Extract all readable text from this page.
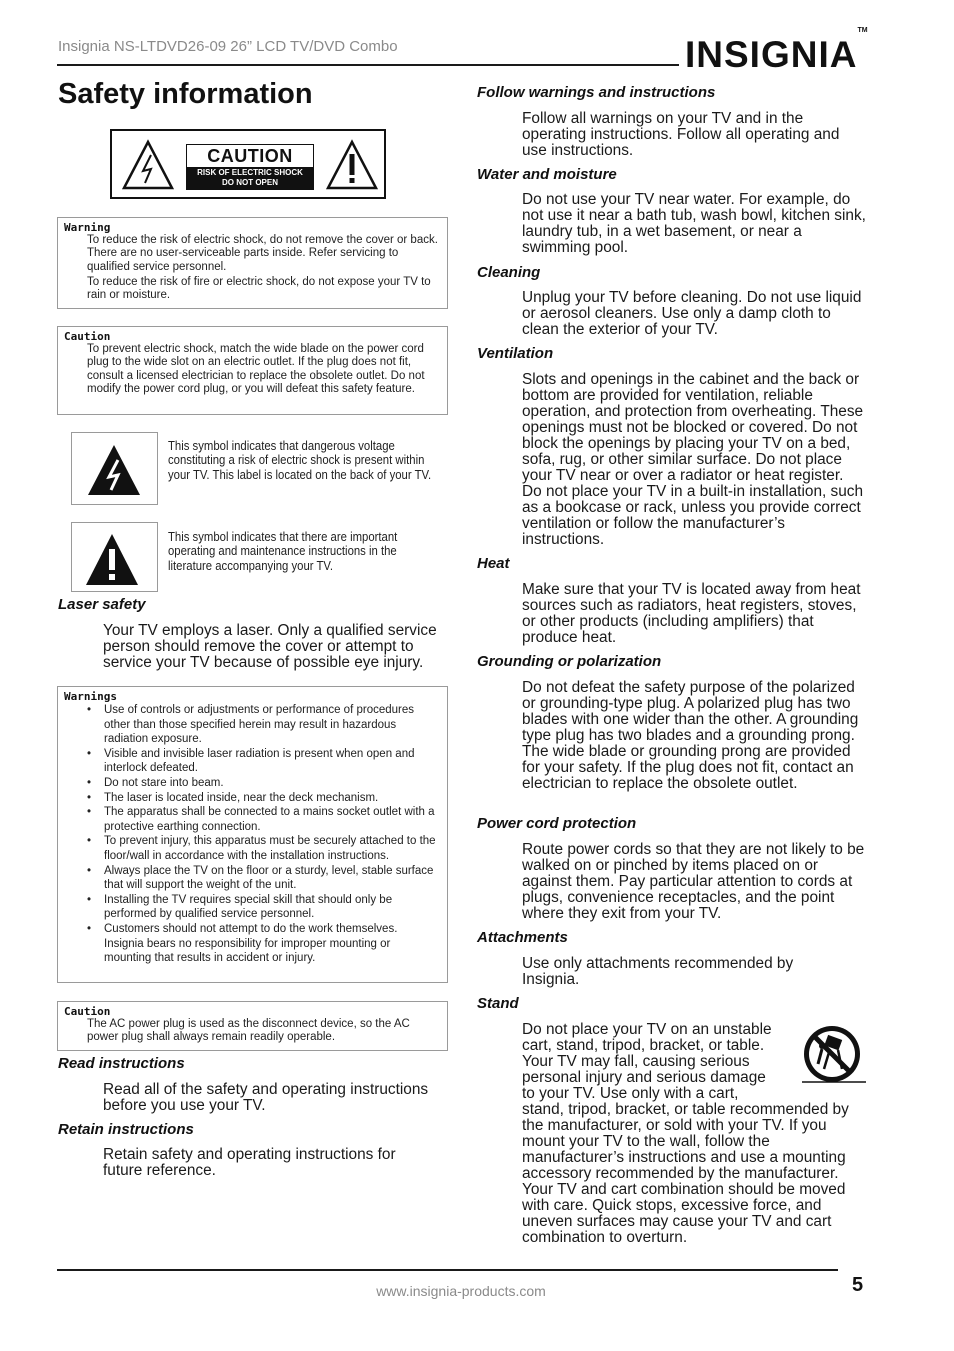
Insignia NS-LTDVD26-09 26” LCD TV/DVD Combo	INSIGNIA™
Safety information
CAUTION
RISK OF ELECTRIC SHOCK
DO NOT OPEN
Warning
To reduce the risk of electric shock, do not remove the cover or back. There are no user-serviceable parts inside. Refer servicing to qualified service personnel.
To reduce the risk of fire or electric shock, do not expose your TV to rain or moisture.
Caution
To prevent electric shock, match the wide blade on the power cord plug to the wide slot on an electric outlet. If the plug does not fit, consult a licensed electrician to replace the obsolete outlet. Do not modify the power cord plug, or you will defeat this safety feature.
This symbol indicates that dangerous voltage constituting a risk of electric shock is present within your TV. This label is located on the back of your TV.
This symbol indicates that there are important operating and maintenance instructions in the literature accompanying your TV.
Laser safety
Your TV employs a laser. Only a qualified service person should remove the cover or attempt to service your TV because of possible eye injury.
Warnings
• Use of controls or adjustments or performance of procedures other than those specified herein may result in hazardous radiation exposure.
• Visible and invisible laser radiation is present when open and interlock defeated.
• Do not stare into beam.
• The laser is located inside, near the deck mechanism.
• The apparatus shall be connected to a mains socket outlet with a protective earthing connection.
• To prevent injury, this apparatus must be securely attached to the floor/wall in accordance with the installation instructions.
• Always place the TV on the floor or a sturdy, level, stable surface that will support the weight of the unit.
• Installing the TV requires special skill that should only be performed by qualified service personnel.
• Customers should not attempt to do the work themselves. Insignia bears no responsibility for improper mounting or mounting that results in accident or injury.
Caution
The AC power plug is used as the disconnect device, so the AC power plug shall always remain readily operable.
Read instructions
Read all of the safety and operating instructions before you use your TV.
Retain instructions
Retain safety and operating instructions for future reference.
Follow warnings and instructions
Follow all warnings on your TV and in the operating instructions. Follow all operating and use instructions.
Water and moisture
Do not use your TV near water. For example, do not use it near a bath tub, wash bowl, kitchen sink, laundry tub, in a wet basement, or near a swimming pool.
Cleaning
Unplug your TV before cleaning. Do not use liquid or aerosol cleaners. Use only a damp cloth to clean the exterior of your TV.
Ventilation
Slots and openings in the cabinet and the back or bottom are provided for ventilation, reliable operation, and protection from overheating. These openings must not be blocked or covered. Do not block the openings by placing your TV on a bed, sofa, rug, or other similar surface. Do not place your TV near or over a radiator or heat register. Do not place your TV in a built-in installation, such as a bookcase or rack, unless you provide correct ventilation or follow the manufacturer’s instructions.
Heat
Make sure that your TV is located away from heat sources such as radiators, heat registers, stoves, or other products (including amplifiers) that produce heat.
Grounding or polarization
Do not defeat the safety purpose of the polarized or grounding-type plug. A polarized plug has two blades with one wider than the other. A grounding type plug has two blades and a grounding prong. The wide blade or grounding prong are provided for your safety. If the plug does not fit, contact an electrician to replace the obsolete outlet.
Power cord protection
Route power cords so that they are not likely to be walked on or pinched by items placed on or against them. Pay particular attention to cords at plugs, convenience receptacles, and the point where they exit from your TV.
Attachments
Use only attachments recommended by Insignia.
Stand
Do not place your TV on an unstable
cart, stand, tripod, bracket, or table.
Your TV may fall, causing serious
personal injury and serious damage
to your TV. Use only with a cart,
stand, tripod, bracket, or table recommended by the manufacturer, or sold with your TV. If you mount your TV to the wall, follow the manufacturer’s instructions and use a mounting accessory recommended by the manufacturer. Your TV and cart combination should be moved with care. Quick stops, excessive force, and uneven surfaces may cause your TV and cart combination to overturn.
www.insignia-products.com	5
